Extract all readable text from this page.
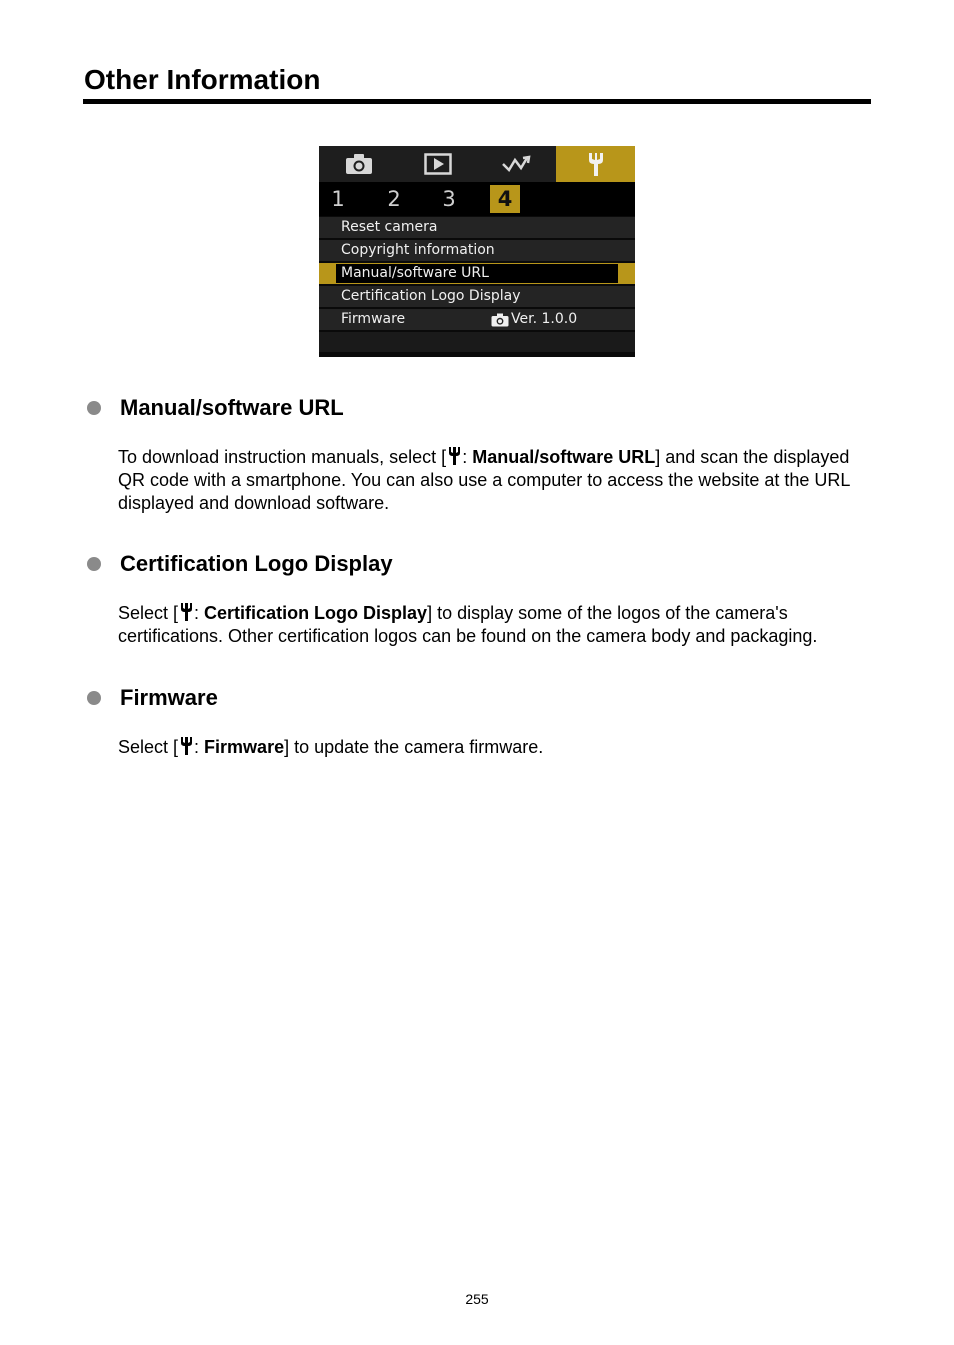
Other Information
1	2	3	4
Reset camera
Copyright information
Manual/software URL
Certification Logo Display
Firmware	Ver. 1.0.0
Manual/software URL

To download instruction manuals, select [ : Manual/software URL] and scan the displayed QR code with a smartphone. You can also use a computer to access the website at the URL displayed and download software.

Certification Logo Display

Select [ : Certification Logo Display] to display some of the logos of the camera's certifications. Other certification logos can be found on the camera body and packaging.

Firmware

Select [ : Firmware] to update the camera firmware.

255
